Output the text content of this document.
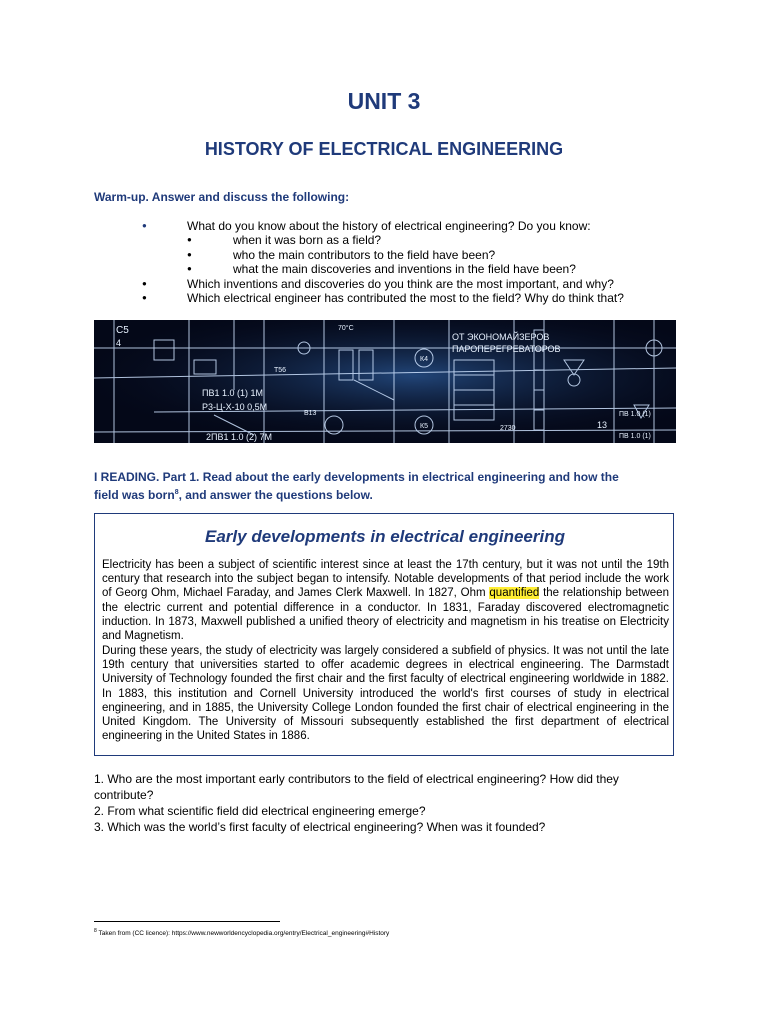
UNIT 3
HISTORY OF ELECTRICAL ENGINEERING
Warm-up. Answer and discuss the following:
●	What do you know about the history of electrical engineering? Do you know:
●	when it was born as a field?
●	who the main contributors to the field have been?
●	what the main discoveries and inventions in the field have been?
●	Which inventions and discoveries do you think are the most important, and why?
●	Which electrical engineer has contributed the most to the field? Why do think that?
C5
4
ПВ1 1.0 (1) 1М
Р3-Ц-Х-10 0,5М
2ПВ1 1.0 (2) 7М
ОТ ЭКОНОМАЙЗЕРОВ
ПАРОПЕРЕГРЕВАТОРОВ
ПВ 1.0 (1)
ПВ 1.0 (1)
13
К4
К5
70°С
В13
Т56
2730
I READING. Part 1. Read about the early developments in electrical engineering and how the
field was born$^8$, and answer the questions below.
Early developments in electrical engineering
Electricity has been a subject of scientific interest since at least the 17th century, but it was not until the 19th century that research into the subject began to intensify. Notable developments of that period include the work of Georg Ohm, Michael Faraday, and James Clerk Maxwell. In 1827, Ohm quantified the relationship between the electric current and potential difference in a conductor. In 1831, Faraday discovered electromagnetic induction. In 1873, Maxwell published a unified theory of electricity and magnetism in his treatise on Electricity and Magnetism.
During these years, the study of electricity was largely considered a subfield of physics. It was not until the late 19th century that universities started to offer academic degrees in electrical engineering. The Darmstadt University of Technology founded the first chair and the first faculty of electrical engineering worldwide in 1882. In 1883, this institution and Cornell University introduced the world's first courses of study in electrical engineering, and in 1885, the University College London founded the first chair of electrical engineering in the United Kingdom. The University of Missouri subsequently established the first department of electrical engineering in the United States in 1886.
1. Who are the most important early contributors to the field of electrical engineering? How did they
contribute?
2. From what scientific field did electrical engineering emerge?
3. Which was the world’s first faculty of electrical engineering? When was it founded?
$^8$ Taken from (CC licence): https://www.newworldencyclopedia.org/entry/Electrical_engineering#History
